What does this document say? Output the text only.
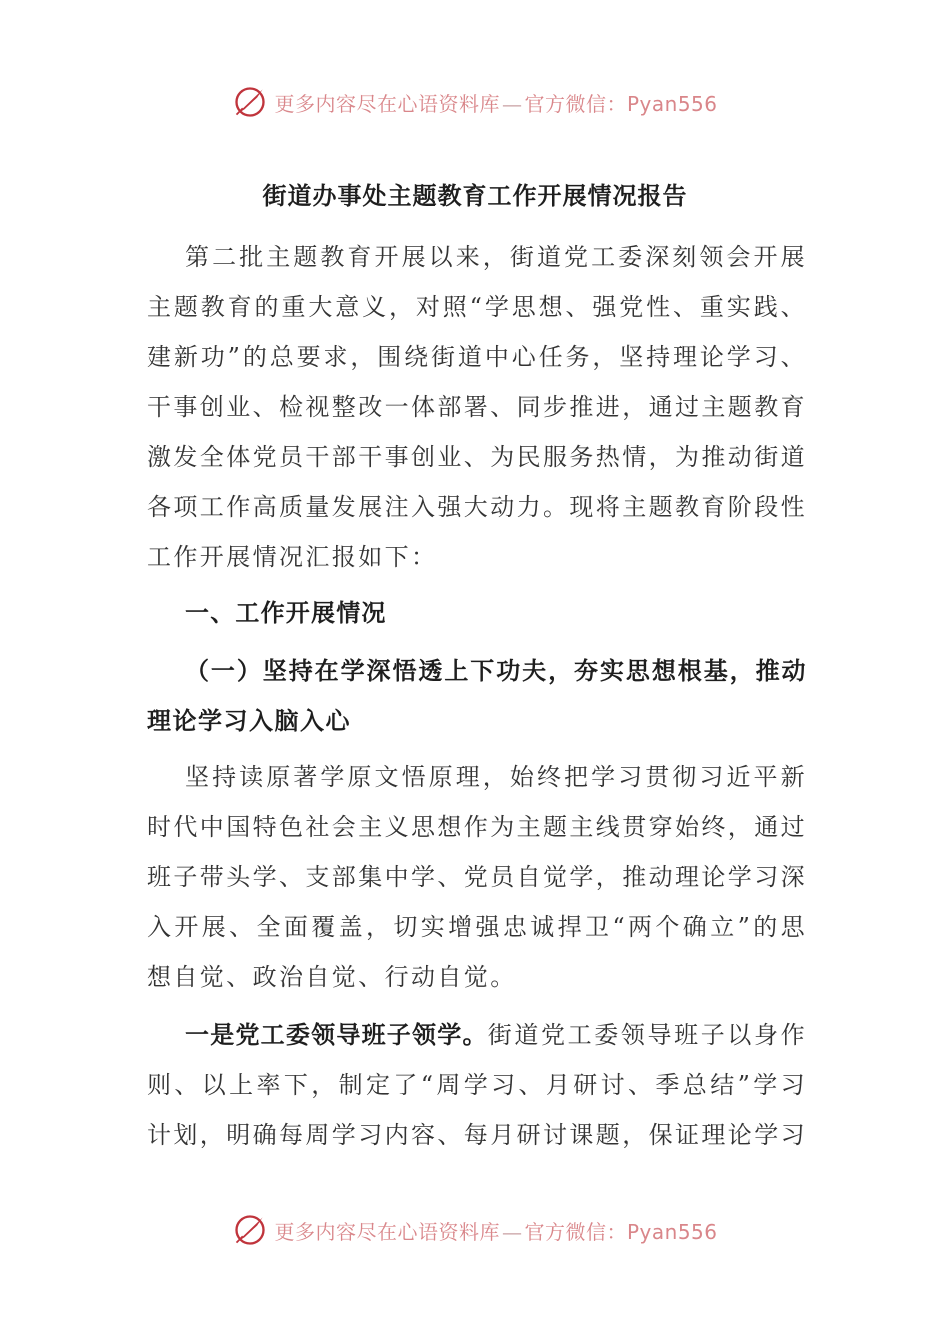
更多内容尽在心语资料库 — 官方微信：Pyan556
街道办事处主题教育工作开展情况报告

第二批主题教育开展以来，街道党工委深刻领会开展主题教育的重大意义，对照“学思想、强党性、重实践、建新功”的总要求，围绕街道中心任务，坚持理论学习、干事创业、检视整改一体部署、同步推进，通过主题教育激发全体党员干部干事创业、为民服务热情，为推动街道各项工作高质量发展注入强大动力。现将主题教育阶段性工作开展情况汇报如下：

一、工作开展情况

（一）坚持在学深悟透上下功夫，夯实思想根基，推动理论学习入脑入心

坚持读原著学原文悟原理，始终把学习贯彻习近平新时代中国特色社会主义思想作为主题主线贯穿始终，通过班子带头学、支部集中学、党员自觉学，推动理论学习深入开展、全面覆盖，切实增强忠诚捍卫“两个确立”的思想自觉、政治自觉、行动自觉。

一是党工委领导班子领学。街道党工委领导班子以身作则、以上率下，制定了“周学习、月研讨、季总结”学习计划，明确每周学习内容、每月研讨课题，保证理论学习

更多内容尽在心语资料库 — 官方微信：Pyan556
